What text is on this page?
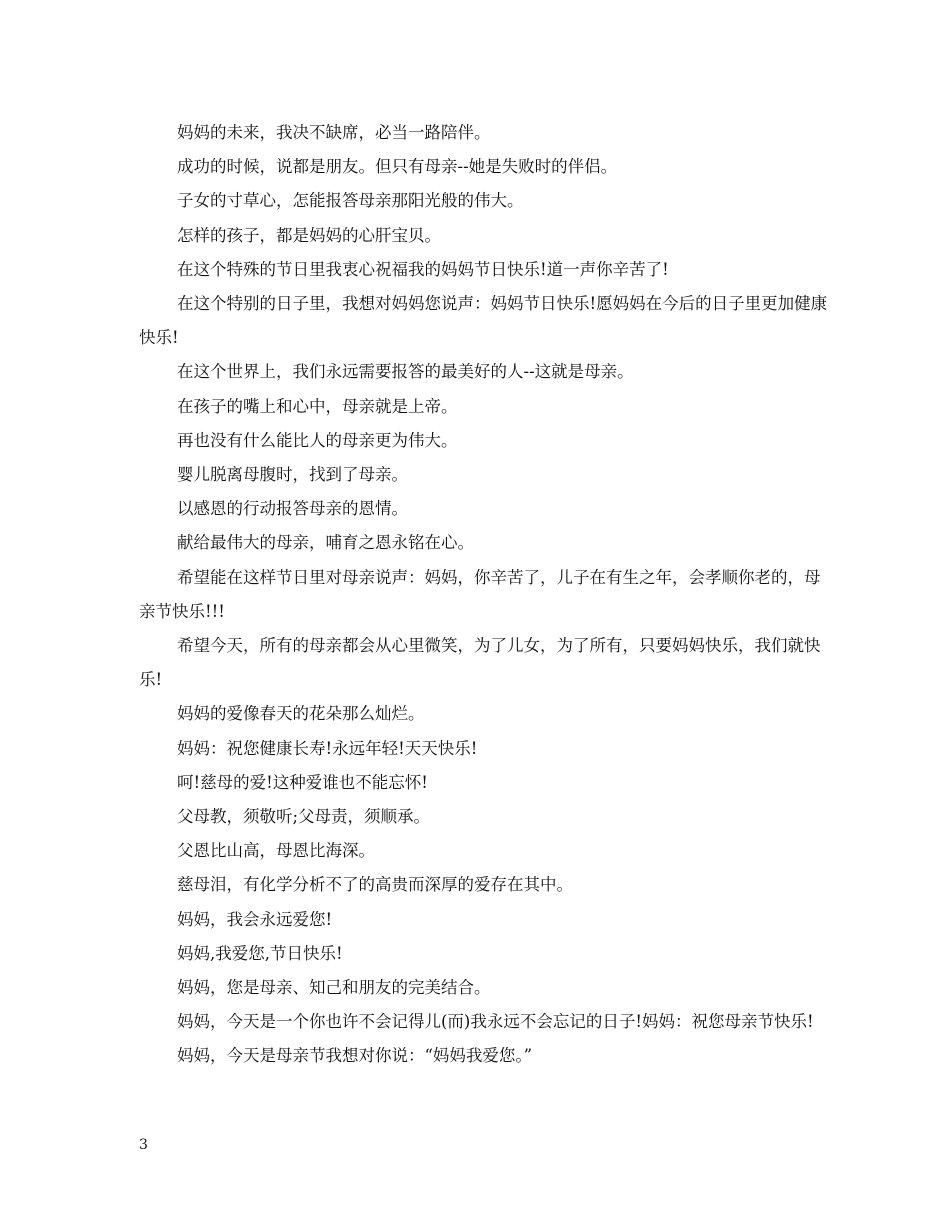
妈妈的未来，我决不缺席，必当一路陪伴。

成功的时候，说都是朋友。但只有母亲--她是失败时的伴侣。

子女的寸草心，怎能报答母亲那阳光般的伟大。

怎样的孩子，都是妈妈的心肝宝贝。

在这个特殊的节日里我衷心祝福我的妈妈节日快乐!道一声你辛苦了!

在这个特别的日子里，我想对妈妈您说声：妈妈节日快乐!愿妈妈在今后的日子里更加健康快乐!

在这个世界上，我们永远需要报答的最美好的人--这就是母亲。

在孩子的嘴上和心中，母亲就是上帝。

再也没有什么能比人的母亲更为伟大。

婴儿脱离母腹时，找到了母亲。

以感恩的行动报答母亲的恩情。

献给最伟大的母亲，哺育之恩永铭在心。

希望能在这样节日里对母亲说声：妈妈，你辛苦了，儿子在有生之年，会孝顺你老的，母亲节快乐!!!

希望今天，所有的母亲都会从心里微笑，为了儿女，为了所有，只要妈妈快乐，我们就快乐!

妈妈的爱像春天的花朵那么灿烂。

妈妈：祝您健康长寿!永远年轻!天天快乐!

呵!慈母的爱!这种爱谁也不能忘怀!

父母教，须敬听;父母责，须顺承。

父恩比山高，母恩比海深。

慈母泪，有化学分析不了的高贵而深厚的爱存在其中。

妈妈，我会永远爱您!

妈妈,我爱您,节日快乐!

妈妈，您是母亲、知己和朋友的完美结合。

妈妈，今天是一个你也许不会记得儿(而)我永远不会忘记的日子!妈妈：祝您母亲节快乐!

妈妈，今天是母亲节我想对你说：“妈妈我爱您。”

3
